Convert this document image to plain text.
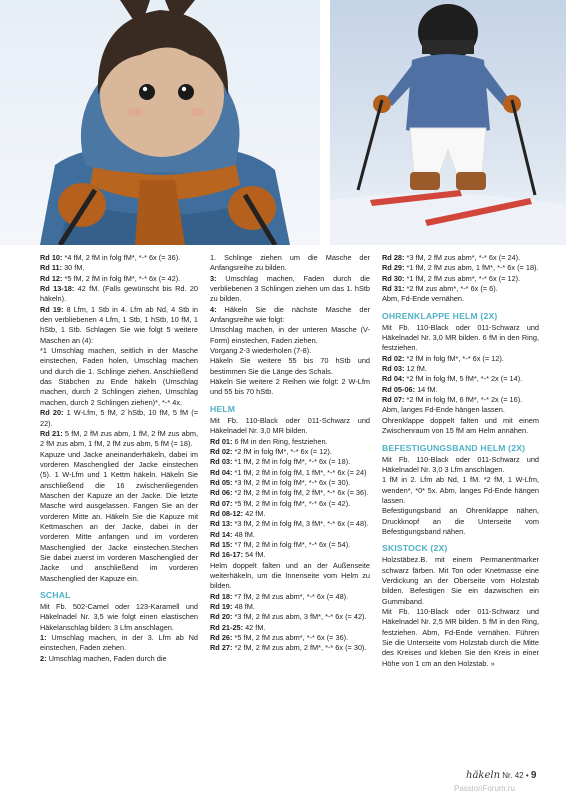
Rd 10: *4 fM, 2 fM in folg fM*, *-* 6x (= 36).

Rd 11: 30 fM.

Rd 12: *5 fM, 2 fM in folg fM*, *-* 6x (= 42).

Rd 13-18: 42 fM. (Falls gewünscht bis Rd. 20 häkeln).

Rd 19: 8 Lfm, 1 Stb in 4. Lfm ab Nd, 4 Stb in den verbliebenen 4 Lfm, 1 Stb, 1 hStb, 10 fM, 1 hStb, 1 Stb. Schlagen Sie wie folgt 5 weitere Maschen an (4):

*1 Umschlag machen, seitlich in der Masche einstechen, Faden holen, Umschlag machen und durch die 1. Schlinge ziehen. Anschließend das Stäbchen zu Ende häkeln (Umschlag machen, durch 2 Schlingen ziehen, Umschlag machen, durch 2 Schlingen ziehen)*, *-* 4x.

Rd 20: 1 W-Lfm, 5 fM, 2 hStb, 10 fM, 5 fM (= 22).

Rd 21: 5 fM, 2 fM zus abm, 1 fM, 2 fM zus abm, 2 fM zus abm, 1 fM, 2 fM zus abm, 5 fM (= 18).

Kapuze und Jacke aneinanderhäkeln, dabei im vorderen Maschenglied der Jacke einstechen (5). 1 W-Lfm und 1 Kettm häkeln. Häkeln Sie anschließend die 16 zwischenliegenden Maschen der Kapuze an der Jacke. Die letzte Masche wird ausgelassen. Fangen Sie an der vorderen Mitte an. Häkeln Sie die Kapuze mit Kettmaschen an der Jacke, dabei in der vorderen Mitte anfangen und im vorderen Maschenglied der Jacke einstechen.Stechen Sie dabei zuerst im vorderen Maschenglied der Jacke und anschließend im vorderen Maschenglied der Kapuze ein.

SCHAL

Mit Fb. 502-Camel oder 123-Karamell und Häkelnadel Nr. 3,5 wie folgt einen elastischen Häkelanschlag bilden: 3 Lfm anschlagen.

1: Umschlag machen, in der 3. Lfm ab Nd einstechen, Faden ziehen.

2: Umschlag machen, Faden durch die

1. Schlinge ziehen um die Masche der Anfangsreihe zu bilden.

3: Umschlag machen, Faden durch die verbliebenen 3 Schlingen ziehen um das 1. hStb zu bilden.

4: Häkeln Sie die nächste Masche der Anfangsreihe wie folgt:

Umschlag machen, in der unteren Masche (V-Form) einstechen, Faden ziehen.

Vorgang 2-3 wiederholen (7-8).

Häkeln Sie weitere 55 bis 70 hStb und bestimmen Sie die Länge des Schals.

Häkeln Sie weitere 2 Reihen wie folgt: 2 W-Lfm und 55 bis 70 hStb.

HELM

Mit Fb. 110-Black oder 011-Schwarz und Häkelnadel Nr. 3,0 MR bilden.

Rd 01: 6 fM in den Ring, festziehen.

Rd 02: *2 fM in folg fM*, *-* 6x (= 12).

Rd 03: *1 fM, 2 fM in folg fM*, *-* 6x (= 18).

Rd 04: *1 fM, 2 fM in folg fM, 1 fM*, *-* 6x (= 24)

Rd 05: *3 fM, 2 fM in folg fM*, *-* 6x (= 30).

Rd 06: *2 fM, 2 fM in folg fM, 2 fM*, *-* 6x (= 36).

Rd 07: *5 fM, 2 fM in folg fM*, *-* 6x (= 42).

Rd 08-12: 42 fM.

Rd 13: *3 fM, 2 fM in folg fM, 3 fM*, *-* 6x (= 48).

Rd 14: 48 fM.

Rd 15: *7 fM, 2 fM in folg fM*, *-* 6x (= 54).

Rd 16-17: 54 fM.

Helm doppelt falten und an der Außenseite weiterhäkeln, um die Innenseite vom Helm zu bilden.

Rd 18: *7 fM, 2 fM zus abm*, *-* 6x (= 48).

Rd 19: 48 fM.

Rd 20: *3 fM, 2 fM zus abm, 3 fM*, *-* 6x (= 42).

Rd 21-25: 42 fM.

Rd 26: *5 fM, 2 fM zus abm*, *-* 6x (= 36).

Rd 27: *2 fM, 2 fM zus abm, 2 fM*, *-* 6x (= 30).

Rd 28: *3 fM, 2 fM zus abm*, *-* 6x (= 24).

Rd 29: *1 fM, 2 fM zus abm, 1 fM*, *-* 6x (= 18).

Rd 30: *1 fM, 2 fM zus abm*, *-* 6x (= 12).

Rd 31: *2 fM zus abm*, *-* 6x (= 6).

Abm, Fd-Ende vernähen.

OHRENKLAPPE HELM (2X)

Mit Fb. 110-Black oder 011-Schwarz und Häkelnadel Nr. 3,0 MR bilden. 6 fM in den Ring, festziehen.

Rd 02: *2 fM in folg fM*, *-* 6x (= 12).

Rd 03: 12 fM.

Rd 04: *2 fM in folg fM, 5 fM*, *-* 2x (= 14).

Rd 05-06: 14 fM.

Rd 07: *2 fM in folg fM, 6 fM*, *-* 2x (= 16).

Abm, langes Fd-Ende hängen lassen.

Ohrenklappe doppelt falten und mit einem Zwischenraum von 15 fM am Helm annähen.

BEFESTIGUNGSBAND HELM (2X)

Mit Fb. 110-Black oder 011-Schwarz und Häkelnadel Nr. 3,0 3 Lfm anschlagen.

1 fM in 2. Lfm ab Nd, 1 fM. *2 fM, 1 W-Lfm, wenden*, *0* 5x. Abm, langes Fd-Ende hängen lassen.

Befestigungsband an Ohrenklappe nähen, Druckknopf an die Unterseite vom Befestigungsband nähen.

SKISTOCK (2X)

Holzstäbez.B. mit einem Permanentmarker schwarz färben. Mit Ton oder Knetmasse eine Verdickung an der Oberseite vom Holzstab bilden. Befestigen Sie ein dazwischen ein Gummiband.

Mit Fb. 110-Black oder 011-Schwarz und Häkelnadel Nr. 2,5 MR bilden. 5 fM in den Ring, festziehen. Abm, Fd-Ende vernähen. Führen Sie die Unterseite vom Holzstab durch die Mitte des Kreises und kleben Sie den Kreis in einer Höhe von 1 cm an den Holzstab. »

häkeln Nr. 42 • 9
PassionForum.ru
